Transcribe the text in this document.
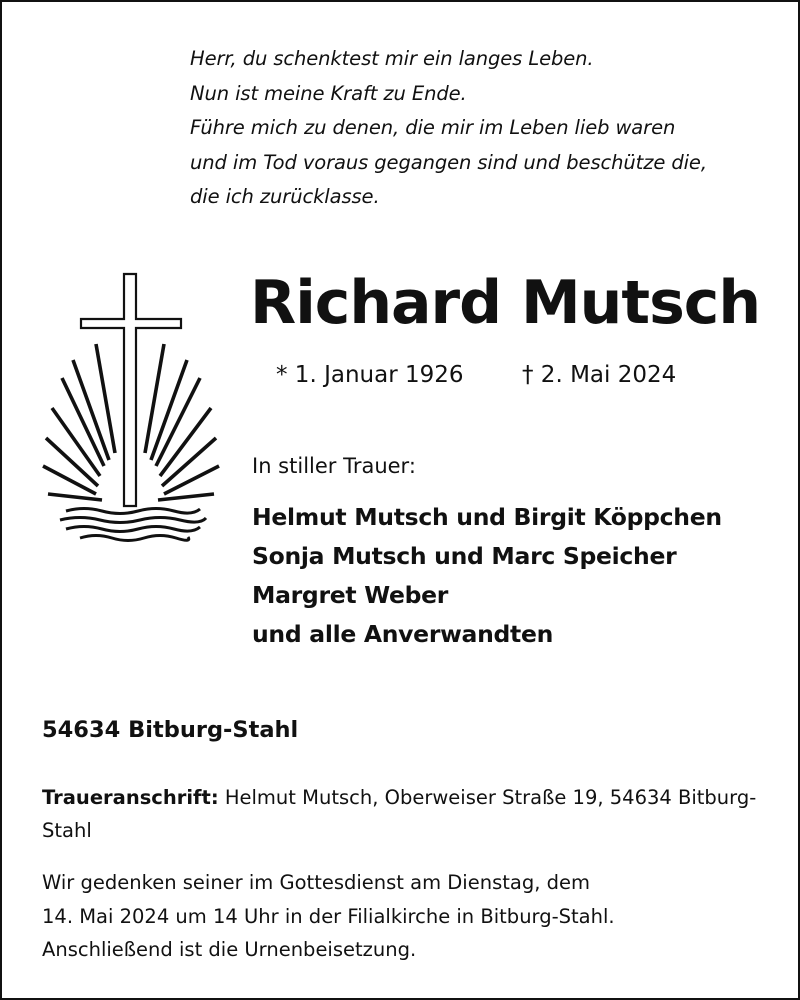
Herr, du schenktest mir ein langes Leben.
Nun ist meine Kraft zu Ende.
Führe mich zu denen, die mir im Leben lieb waren
und im Tod voraus gegangen sind und beschütze die,
die ich zurücklasse.
Richard Mutsch
* 1. Januar 1926	† 2. Mai 2024
In stiller Trauer:
Helmut Mutsch und Birgit Köppchen
Sonja Mutsch und Marc Speicher
Margret Weber
und alle Anverwandten
54634 Bitburg-Stahl
Traueranschrift: Helmut Mutsch, Oberweiser Straße 19, 54634 Bitburg-Stahl
Wir gedenken seiner im Gottesdienst am Dienstag, dem
14. Mai 2024 um 14 Uhr in der Filialkirche in Bitburg-Stahl.
Anschließend ist die Urnenbeisetzung.
